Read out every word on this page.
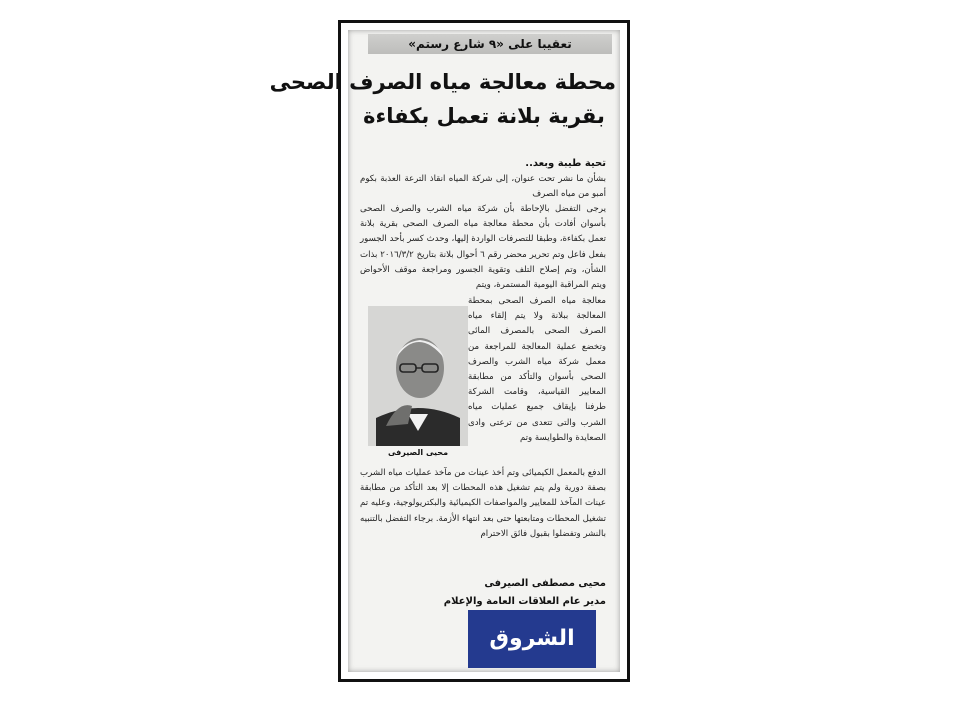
تعقيبا على «٩ شارع رستم»
محطة معالجة مياه الصرف الصحى
بقرية بلانة تعمل بكفاءة
تحية طيبة وبعد..
بشأن ما نشر تحت عنوان، إلى شركة المياه انقاذ الترعة العذبة بكوم أمبو من مياه الصرف
يرجى التفضل بالإحاطة بأن شركة مياه الشرب والصرف الصحى بأسوان أفادت بأن محطة معالجة مياه الصرف الصحى بقرية بلانة تعمل بكفاءة، وطبقا للتصرفات الواردة إليها، وحدث كسر بأحد الجسور بفعل فاعل وتم تحرير محضر رقم ٦ أحوال بلانة بتاريخ ٢٠١٦/٣/٢ بذات الشأن، وتم إصلاح التلف وتقوية الجسور ومراجعة موقف الأحواض ويتم المراقبة اليومية المستمرة، ويتم
محيى الصيرفى
معالجة مياه الصرف الصحى بمحطة المعالجة ببلانة ولا يتم إلقاء مياه الصرف الصحى بالمصرف المائى وتخضع عملية المعالجة للمراجعة من معمل شركة مياه الشرب والصرف الصحى بأسوان والتأكد من مطابقة المعايير القياسية، وقامت الشركة طرفنا بإيقاف جميع عمليات مياه الشرب والتى تتعدى من ترعتى وادى الصعايدة والطوايسة وتم
الدفع بالمعمل الكيميائى وتم أخذ عينات من مآخذ عمليات مياه الشرب بصفة دورية ولم يتم تشغيل هذه المحطات إلا بعد التأكد من مطابقة عينات المآخذ للمعايير والمواصفات الكيميائية والبكتريولوجية، وعليه تم تشغيل المحطات ومتابعتها حتى بعد انتهاء الأزمة. برجاء التفضل بالتنبيه بالنشر وتفضلوا بقبول فائق الاحترام
محيى مصطفى الصيرفى
مدير عام العلاقات العامة والإعلام
الشروق
